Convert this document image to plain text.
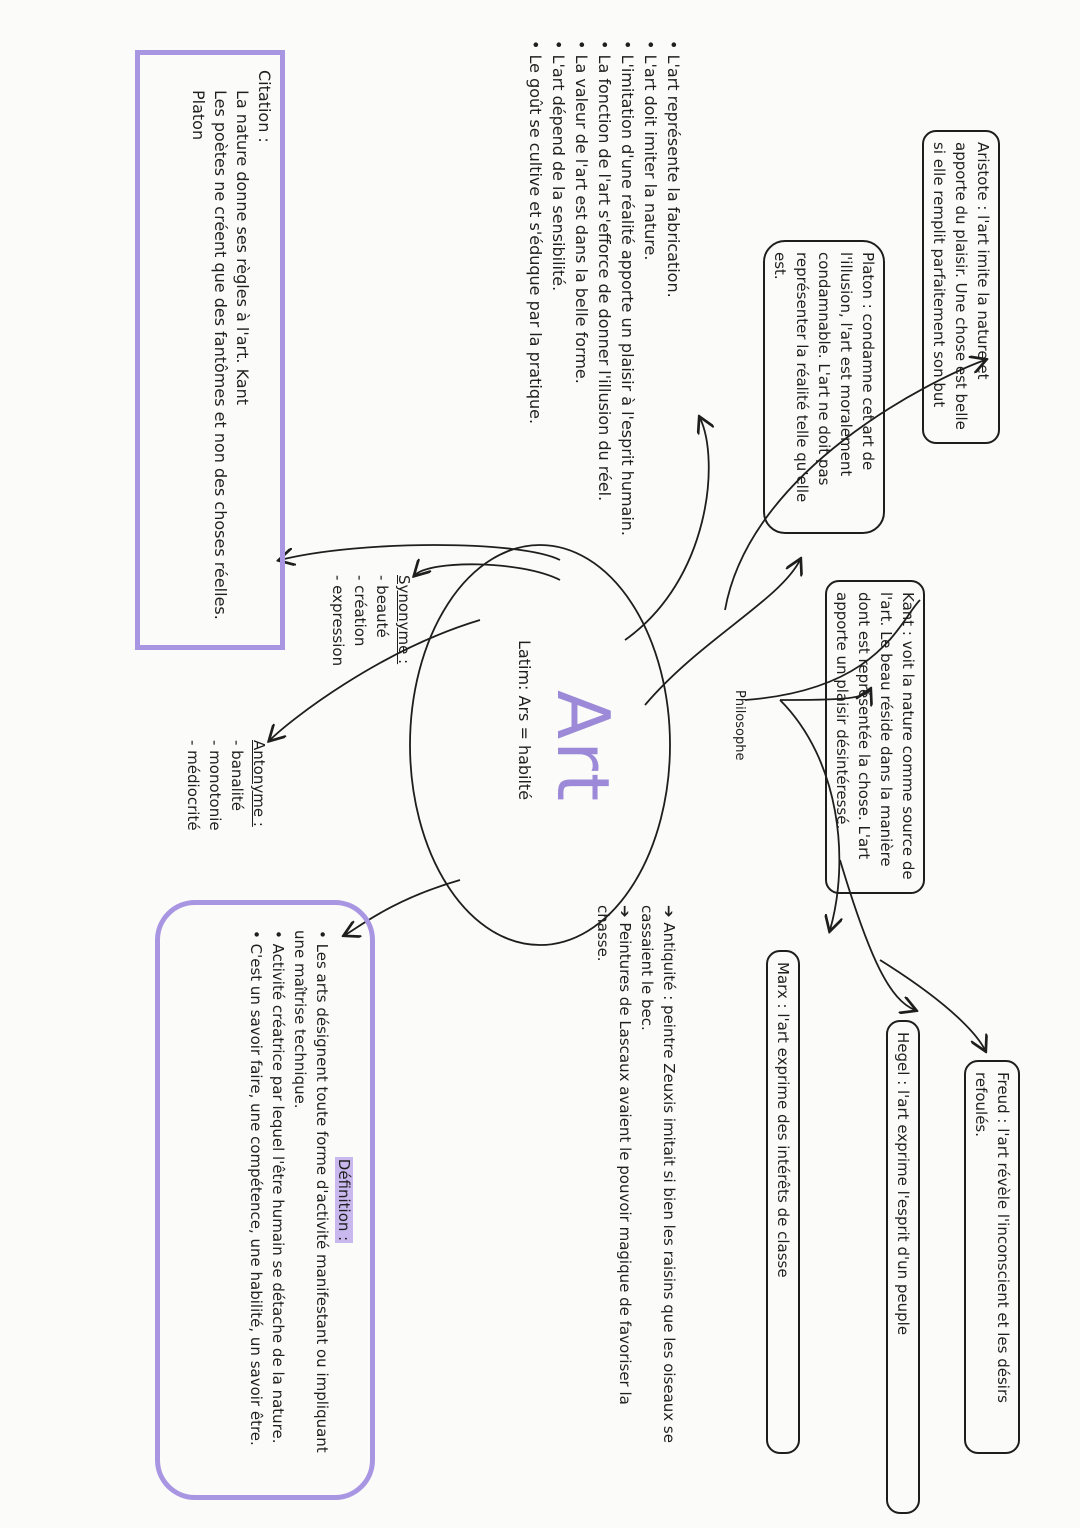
Art
Latim: Ars = habilté	Philosophe
Aristote : l'art imite la nature et apporte du plaisir. Une chose est belle si elle remplit parfaitement son but
Platon : condamne cet art de l'illusion, l'art est moralement condamnable. L'art ne doit pas représenter la réalité telle qu'elle est.
Kant : voit la nature comme source de l'art. Le beau réside dans la manière dont est représentée la chose. L'art apporte un plaisir désintéressé.
Marx : l'art exprime des intérêts de classe	Hegel : l'art exprime l'esprit d'un peuple	Freud : l'art révèle l'inconscient et les désirs refoulés.

• L'art représente la fabrication.

• L'art doit imiter la nature.

• L'imitation d'une réalité apporte un plaisir à l'esprit humain.

• La fonction de l'art s'efforce de donner l'illusion du réel.

• La valeur de l'art est dans la belle forme.

• L'art dépend de la sensibilité.

• Le goût se cultive et s'éduque par la pratique.

Citation :
La nature donne ses règles à l'art. Kant
Les poètes ne créent que des fantômes et non des choses réelles. Platon
Synonyme :
- beauté
- création
- expression
Antonyme :
- banalité
- monotonie
- médiocrité
➔ Antiquité : peintre Zeuxis imitait si bien les raisins que les oiseaux se cassaient le bec.
➔ Peintures de Lascaux avaient le pouvoir magique de favoriser la chasse.
Définition :
• Les arts désignent toute forme d'activité manifestant ou impliquant une maîtrise technique.
• Activité créatrice par lequel l'être humain se détache de la nature.
• C'est un savoir faire, une compétence, une habilité, un savoir être.
